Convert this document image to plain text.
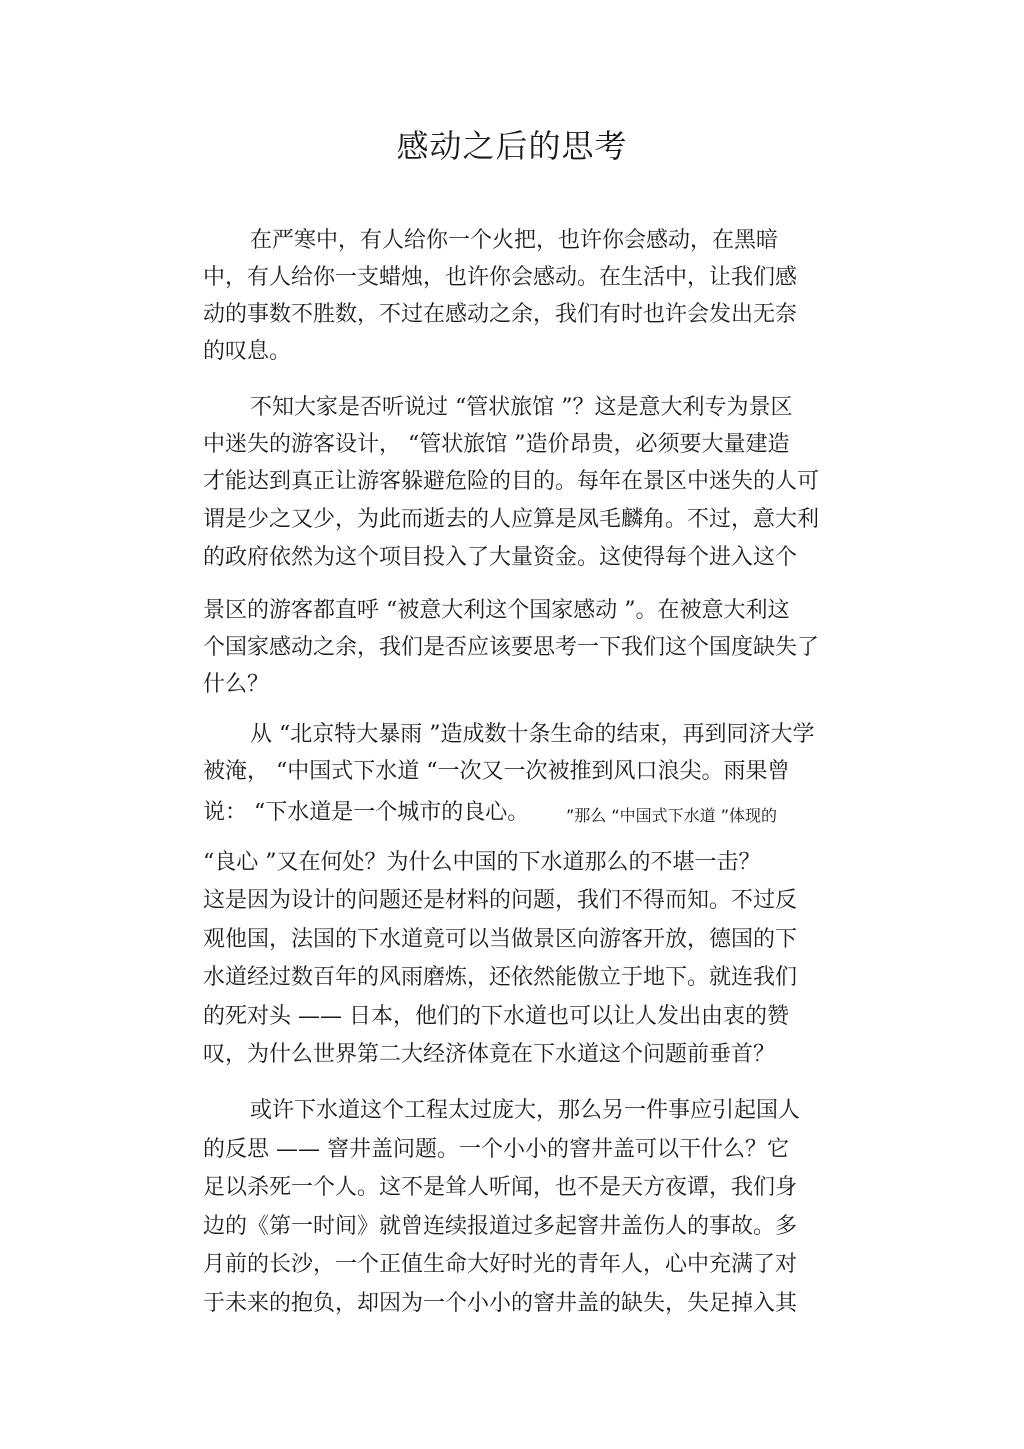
感动之后的思考

在严寒中，有人给你一个火把，也许你会感动，在黑暗

中，有人给你一支蜡烛，也许你会感动。在生活中，让我们感

动的事数不胜数，不过在感动之余，我们有时也许会发出无奈

的叹息。

不知大家是否听说过 “管状旅馆 ”？这是意大利专为景区

中迷失的游客设计， “管状旅馆 ”造价昂贵，必须要大量建造

才能达到真正让游客躲避危险的目的。每年在景区中迷失的人可

谓是少之又少，为此而逝去的人应算是凤毛麟角。不过，意大利

的政府依然为这个项目投入了大量资金。这使得每个进入这个

景区的游客都直呼 “被意大利这个国家感动 ”。在被意大利这

个国家感动之余，我们是否应该要思考一下我们这个国度缺失了

什么？

从 “北京特大暴雨 ”造成数十条生命的结束，再到同济大学

被淹， “中国式下水道 “一次又一次被推到风口浪尖。雨果曾

说： “下水道是一个城市的良心。 ”那么 “中国式下水道 ”体现的

“良心 ”又在何处？为什么中国的下水道那么的不堪一击？

这是因为设计的问题还是材料的问题，我们不得而知。不过反

观他国，法国的下水道竟可以当做景区向游客开放，德国的下

水道经过数百年的风雨磨炼，还依然能傲立于地下。就连我们

的死对头 —— 日本，他们的下水道也可以让人发出由衷的赞

叹，为什么世界第二大经济体竟在下水道这个问题前垂首？

或许下水道这个工程太过庞大，那么另一件事应引起国人

的反思 —— 窨井盖问题。一个小小的窨井盖可以干什么？它

足以杀死一个人。这不是耸人听闻，也不是天方夜谭，我们身

边的《第一时间》就曾连续报道过多起窨井盖伤人的事故。多

月前的长沙，一个正值生命大好时光的青年人，心中充满了对

于未来的抱负，却因为一个小小的窨井盖的缺失，失足掉入其
